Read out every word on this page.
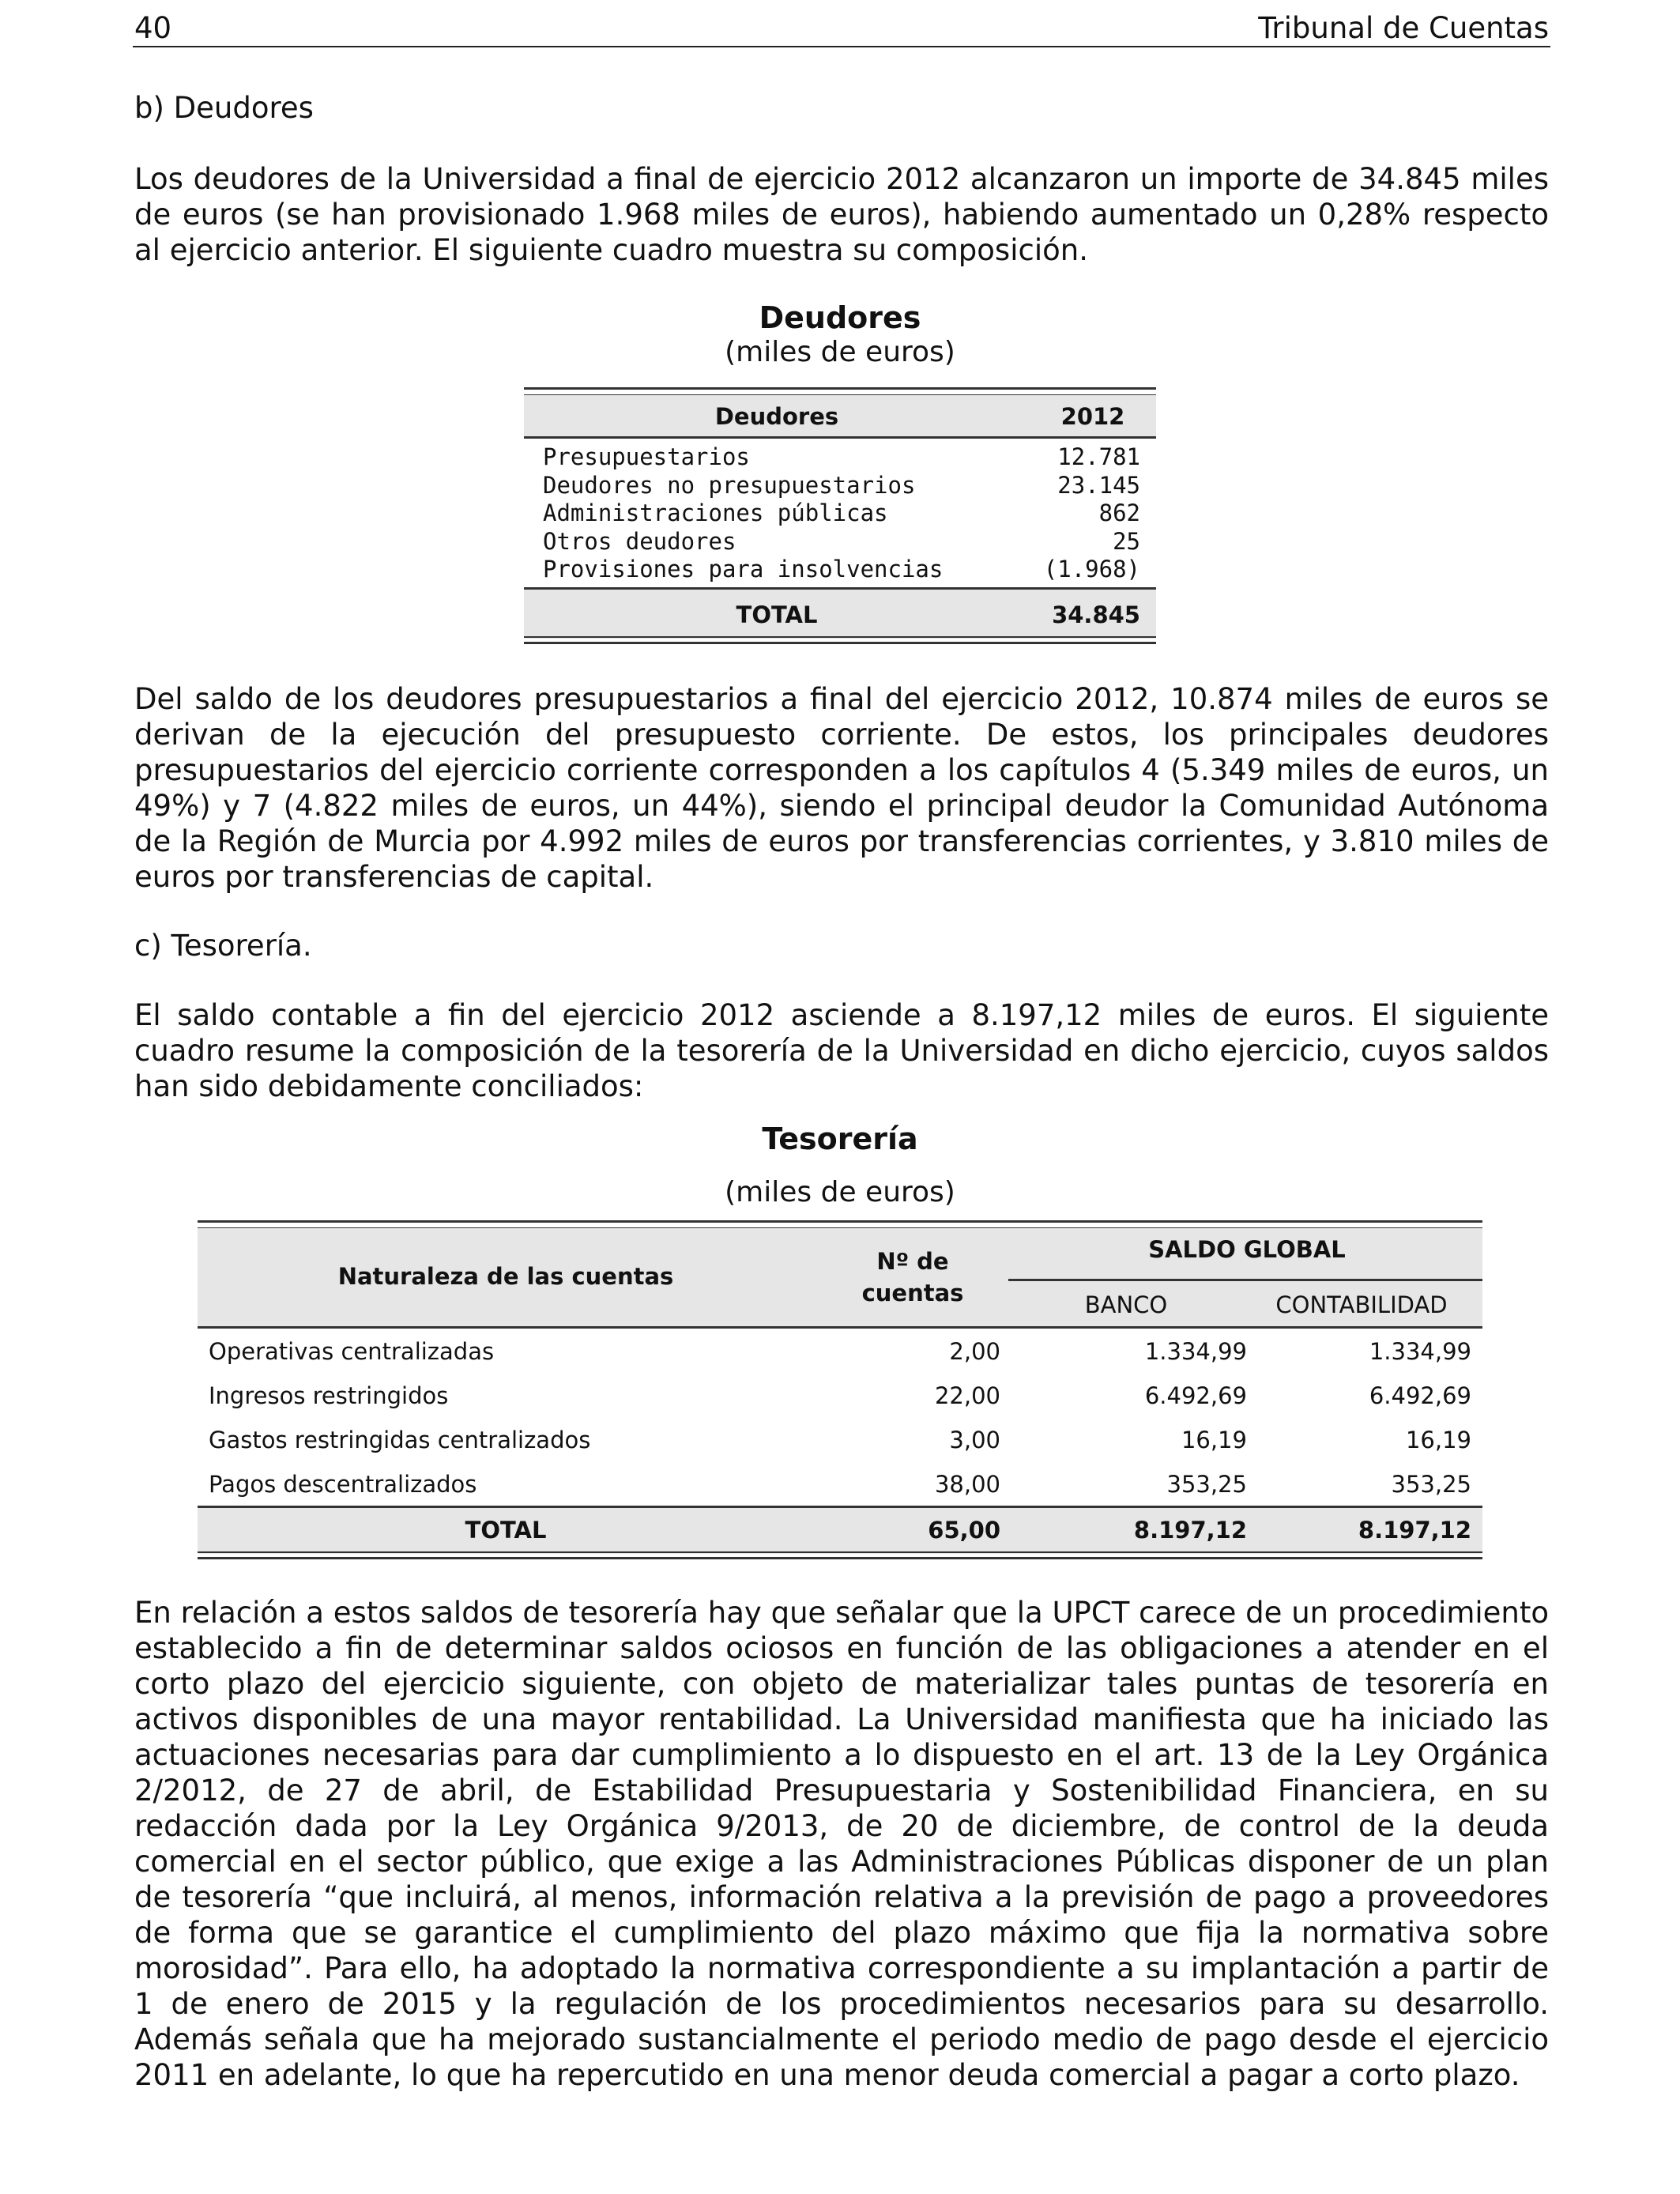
40	Tribunal de Cuentas
b) Deudores
Los deudores de la Universidad a final de ejercicio 2012 alcanzaron un importe de 34.845 miles de euros (se han provisionado 1.968 miles de euros), habiendo aumentado un 0,28% respecto al ejercicio anterior. El siguiente cuadro muestra su composición.
Deudores
(miles de euros)
Deudores	2012
Presupuestarios	12.781
Deudores no presupuestarios	23.145
Administraciones públicas	862
Otros deudores	25
Provisiones para insolvencias	(1.968)
TOTAL	34.845
Del saldo de los deudores presupuestarios a final del ejercicio 2012, 10.874 miles de euros se derivan de la ejecución del presupuesto corriente. De estos, los principales deudores presupuestarios del ejercicio corriente corresponden a los capítulos 4 (5.349 miles de euros, un 49%) y 7 (4.822 miles de euros, un 44%), siendo el principal deudor la Comunidad Autónoma de la Región de Murcia por 4.992 miles de euros por transferencias corrientes, y 3.810 miles de euros por transferencias de capital.
c) Tesorería.
El saldo contable a fin del ejercicio 2012 asciende a 8.197,12 miles de euros. El siguiente cuadro resume la composición de la tesorería de la Universidad en dicho ejercicio, cuyos saldos han sido debidamente conciliados:
Tesorería
(miles de euros)
Naturaleza de las cuentas
Nº de
cuentas
SALDO GLOBAL
BANCO	CONTABILIDAD
Operativas centralizadas	2,00	1.334,99	1.334,99
Ingresos restringidos	22,00	6.492,69	6.492,69
Gastos restringidas centralizados	3,00	16,19	16,19
Pagos descentralizados	38,00	353,25	353,25
TOTAL	65,00	8.197,12	8.197,12
En relación a estos saldos de tesorería hay que señalar que la UPCT carece de un procedimiento establecido a fin de determinar saldos ociosos en función de las obligaciones a atender en el corto plazo del ejercicio siguiente, con objeto de materializar tales puntas de tesorería en activos disponibles de una mayor rentabilidad. La Universidad manifiesta que ha iniciado las actuaciones necesarias para dar cumplimiento a lo dispuesto en el art. 13 de la Ley Orgánica 2/2012, de 27 de abril, de Estabilidad Presupuestaria y Sostenibilidad Financiera, en su redacción dada por la Ley Orgánica 9/2013, de 20 de diciembre, de control de la deuda comercial en el sector público, que exige a las Administraciones Públicas disponer de un plan de tesorería “que incluirá, al menos, información relativa a la previsión de pago a proveedores de forma que se garantice el cumplimiento del plazo máximo que fija la normativa sobre morosidad”. Para ello, ha adoptado la normativa correspondiente a su implantación a partir de 1 de enero de 2015 y la regulación de los procedimientos necesarios para su desarrollo. Además señala que ha mejorado sustancialmente el periodo medio de pago desde el ejercicio 2011 en adelante, lo que ha repercutido en una menor deuda comercial a pagar a corto plazo.
